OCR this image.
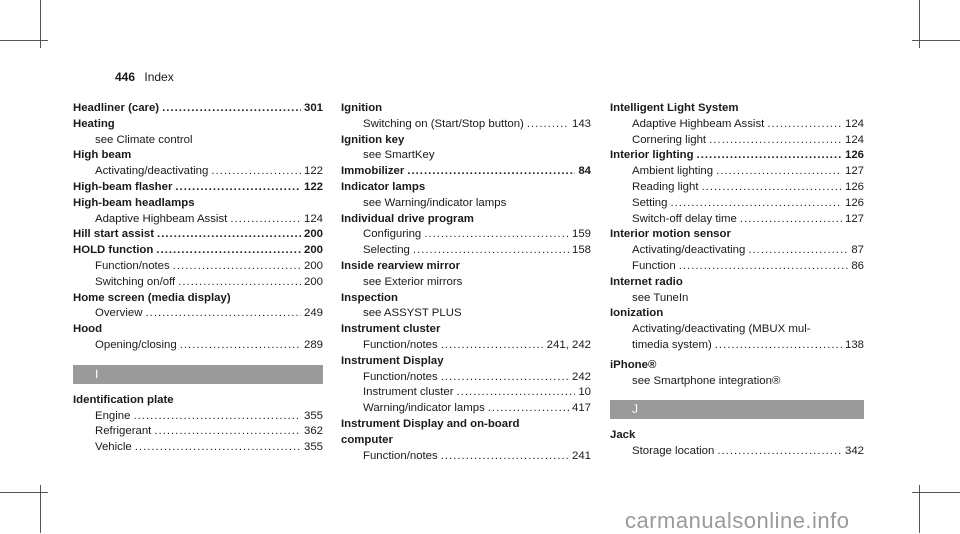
446 Index
Headliner (care) .....	301
Heating
see Climate control
High beam
Activating/deactivating .....	122
High-beam flasher .....	122
High-beam headlamps
Adaptive Highbeam Assist .....	124
Hill start assist .....	200
HOLD function .....	200
Function/notes .....	200
Switching on/off .....	200
Home screen (media display)
Overview .....	249
Hood
Opening/closing .....	289
I
Identification plate
Engine .....	355
Refrigerant .....	362
Vehicle .....	355
Ignition
Switching on (Start/Stop button) .....	143
Ignition key
see SmartKey
Immobilizer .....	84
Indicator lamps
see Warning/indicator lamps
Individual drive program
Configuring .....	159
Selecting .....	158
Inside rearview mirror
see Exterior mirrors
Inspection
see ASSYST PLUS
Instrument cluster
Function/notes .....	241, 242
Instrument Display
Function/notes .....	242
Instrument cluster .....	10
Warning/indicator lamps .....	417
Instrument Display and on-board
computer
Function/notes .....	241
Intelligent Light System
Adaptive Highbeam Assist .....	124
Cornering light .....	124
Interior lighting .....	126
Ambient lighting .....	127
Reading light .....	126
Setting .....	126
Switch-off delay time .....	127
Interior motion sensor
Activating/deactivating .....	87
Function .....	86
Internet radio
see TuneIn
Ionization
Activating/deactivating (MBUX mul-
timedia system) .....	138
iPhone®
see Smartphone integration®
J
Jack
Storage location .....	342
carmanualsonline.info
